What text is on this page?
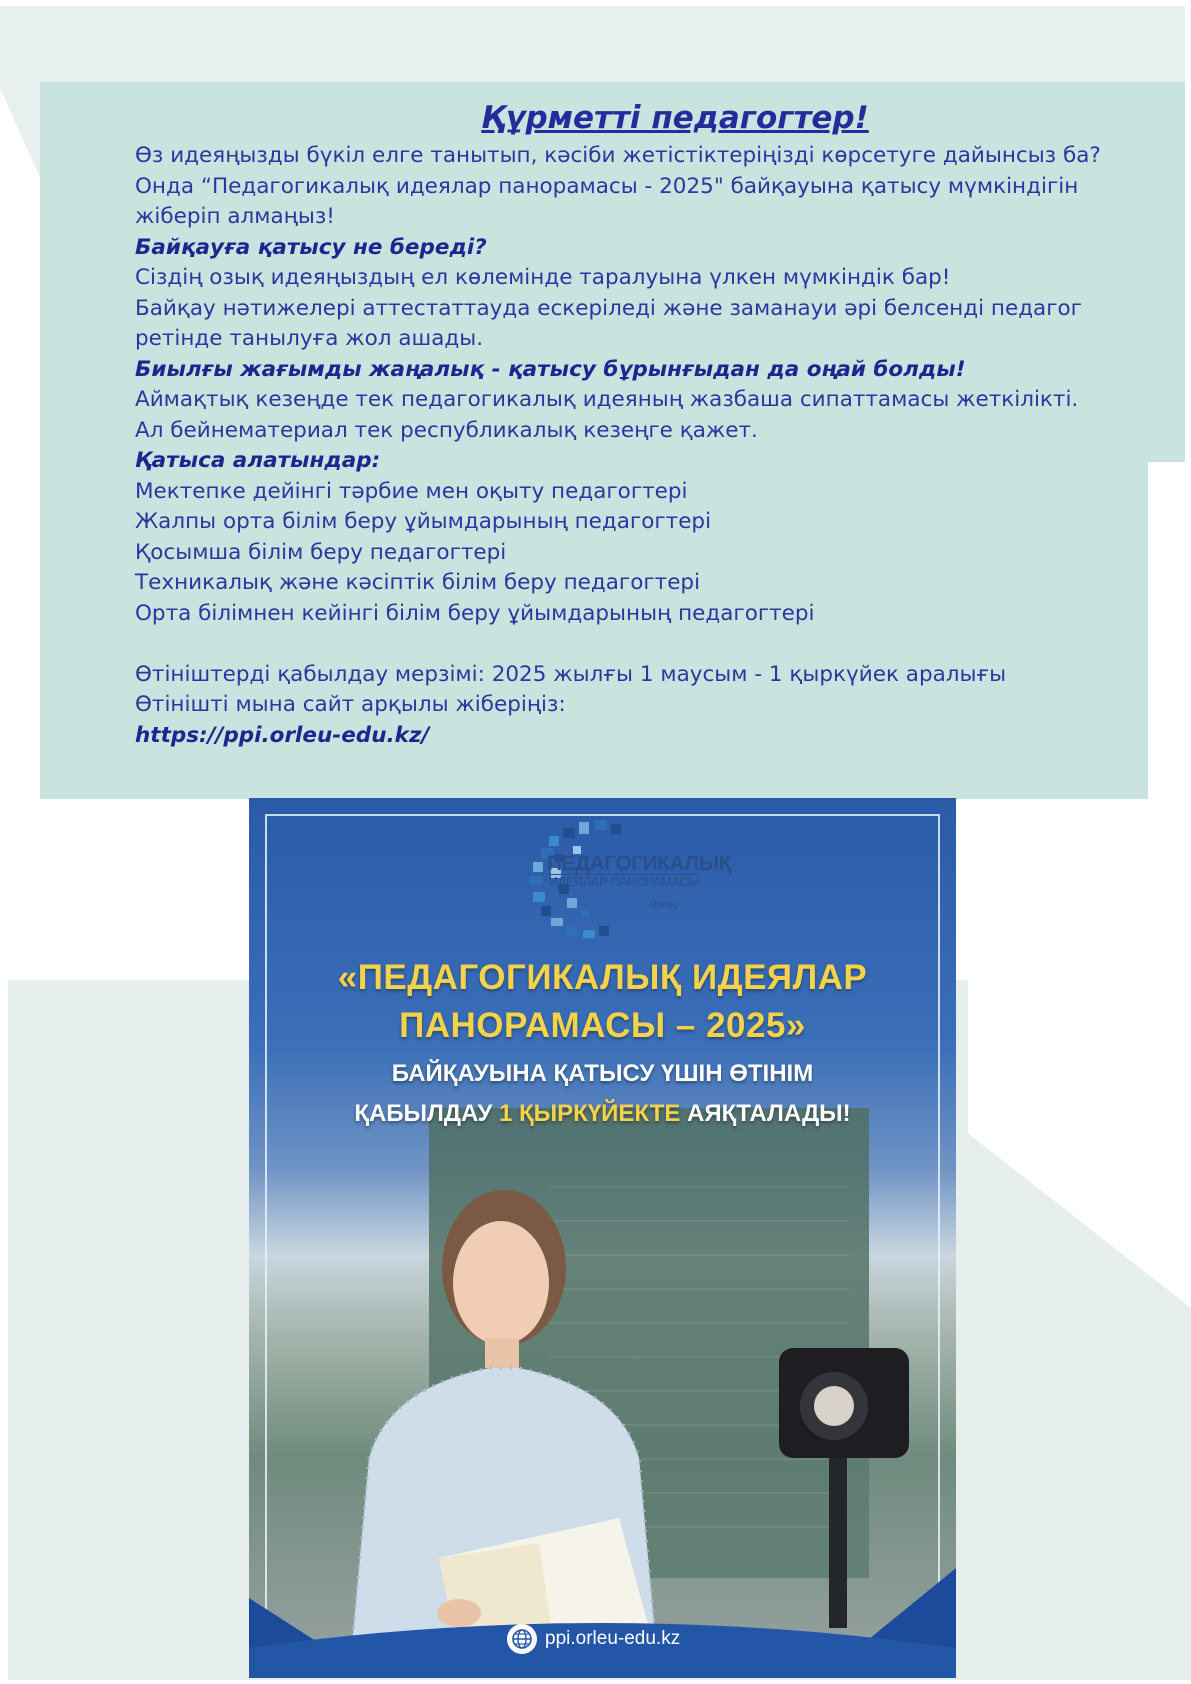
Құрметті педагогтер!
Өз идеяңызды бүкіл елге танытып, кәсіби жетістіктеріңізді көрсетуге дайынсыз ба?
Онда “Педагогикалық идеялар панорамасы - 2025" байқауына қатысу мүмкіндігін
жіберіп алмаңыз!
Байқауға қатысу не береді?
Сіздің озық идеяңыздың ел көлемінде таралуына үлкен мүмкіндік бар!
Байқау нәтижелері аттестаттауда ескеріледі және заманауи әрі белсенді педагог
ретінде танылуға жол ашады.
Биылғы жағымды жаңалық - қатысу бұрынғыдан да оңай болды!
Аймақтық кезеңде тек педагогикалық идеяның жазбаша сипаттамасы жеткілікті.
Ал бейнематериал тек республикалық кезеңге қажет.
Қатыса алатындар:
Мектепке дейінгі тәрбие мен оқыту педагогтері
Жалпы орта білім беру ұйымдарының педагогтері
Қосымша білім беру педагогтері
Техникалық және кәсіптік білім беру педагогтері
Орта білімнен кейінгі білім беру ұйымдарының педагогтері
Өтініштерді қабылдау мерзімі: 2025 жылғы 1 маусым - 1 қыркүйек аралығы
Өтінішті мына сайт арқылы жіберіңіз:
https://ppi.orleu-edu.kz/
ПЕДАГОГИКАЛЫҚ
ИДЕЯЛАР ПАНОРАМАСЫ
Өрлеу
«ПЕДАГОГИКАЛЫҚ ИДЕЯЛАР
ПАНОРАМАСЫ – 2025»
БАЙҚАУЫНА ҚАТЫСУ ҮШІН ӨТІНІМ
ҚАБЫЛДАУ 1 ҚЫРКҮЙЕКТЕ АЯҚТАЛАДЫ!
ppi.orleu-edu.kz
